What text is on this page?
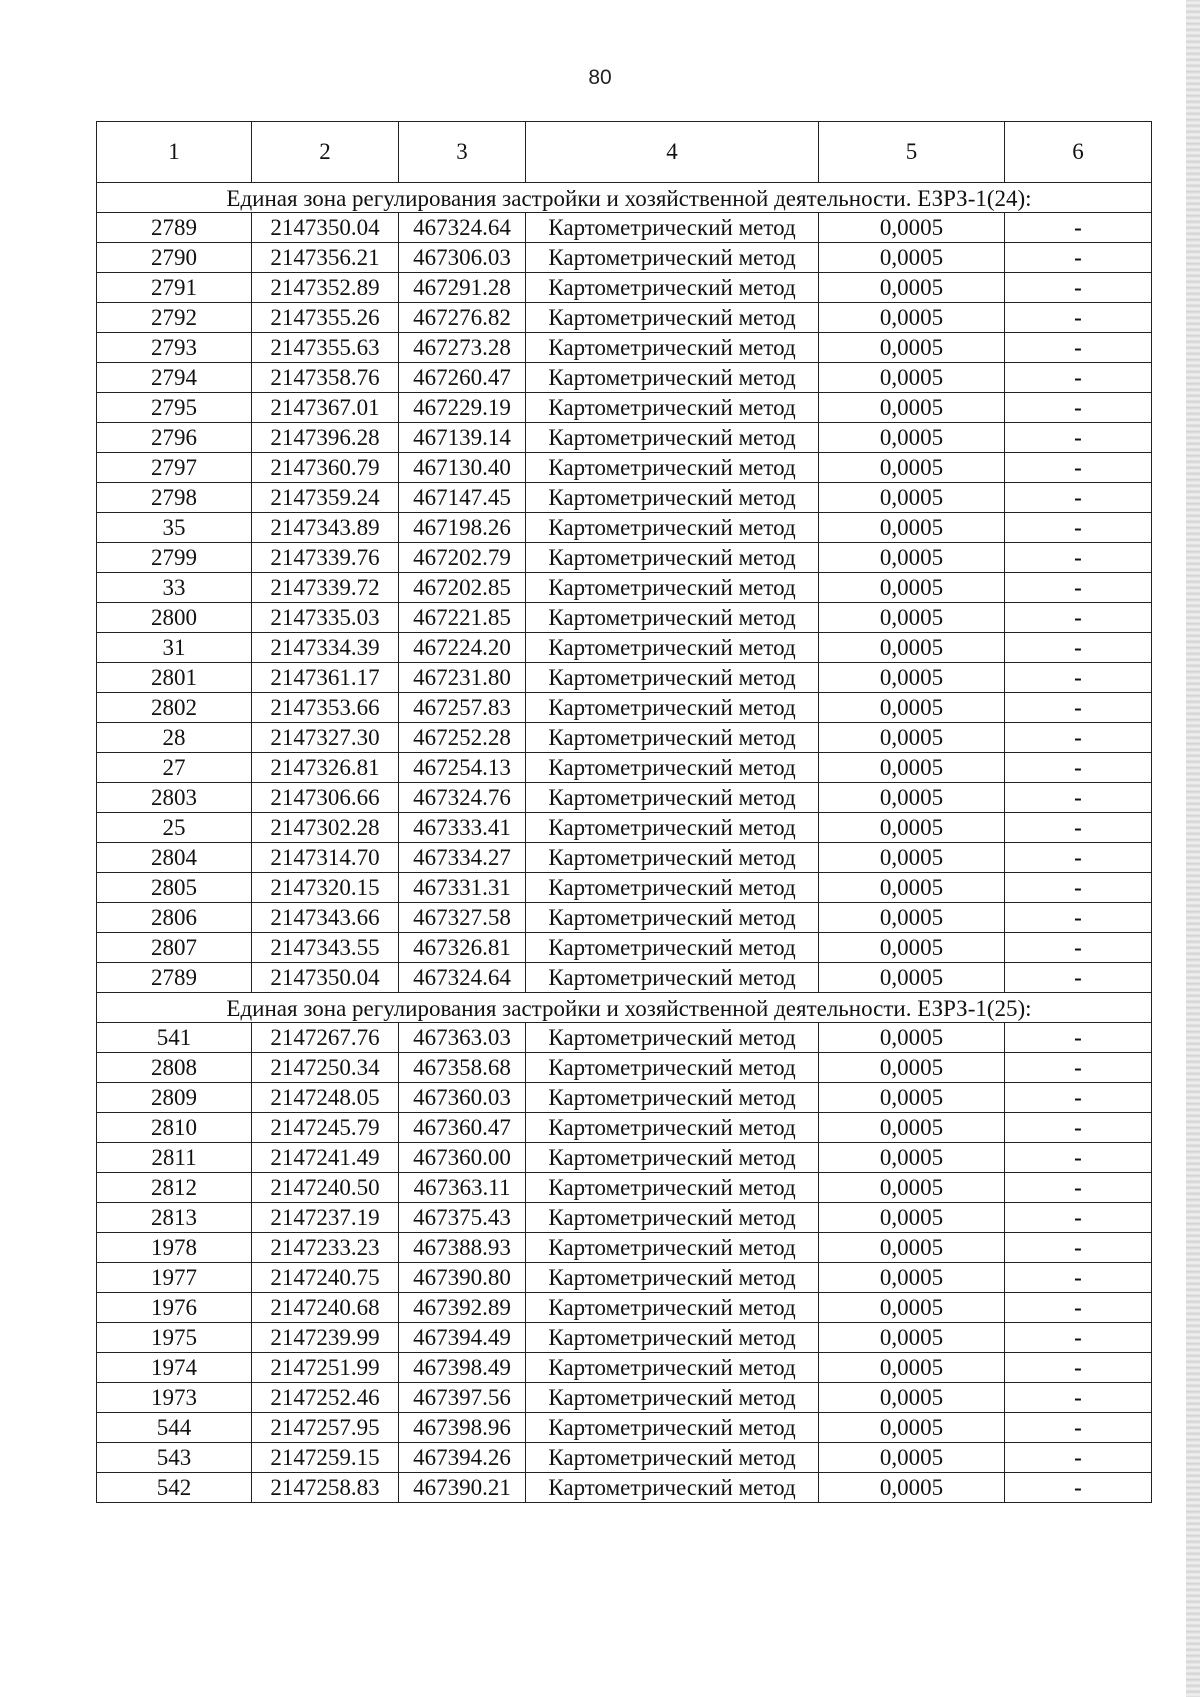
80
1	2	3	4	5	6
Единая зона регулирования застройки и хозяйственной деятельности. ЕЗРЗ-1(24):					
2789	2147350.04	467324.64	Картометрический метод	0,0005	-
2790	2147356.21	467306.03	Картометрический метод	0,0005	-
2791	2147352.89	467291.28	Картометрический метод	0,0005	-
2792	2147355.26	467276.82	Картометрический метод	0,0005	-
2793	2147355.63	467273.28	Картометрический метод	0,0005	-
2794	2147358.76	467260.47	Картометрический метод	0,0005	-
2795	2147367.01	467229.19	Картометрический метод	0,0005	-
2796	2147396.28	467139.14	Картометрический метод	0,0005	-
2797	2147360.79	467130.40	Картометрический метод	0,0005	-
2798	2147359.24	467147.45	Картометрический метод	0,0005	-
35	2147343.89	467198.26	Картометрический метод	0,0005	-
2799	2147339.76	467202.79	Картометрический метод	0,0005	-
33	2147339.72	467202.85	Картометрический метод	0,0005	-
2800	2147335.03	467221.85	Картометрический метод	0,0005	-
31	2147334.39	467224.20	Картометрический метод	0,0005	-
2801	2147361.17	467231.80	Картометрический метод	0,0005	-
2802	2147353.66	467257.83	Картометрический метод	0,0005	-
28	2147327.30	467252.28	Картометрический метод	0,0005	-
27	2147326.81	467254.13	Картометрический метод	0,0005	-
2803	2147306.66	467324.76	Картометрический метод	0,0005	-
25	2147302.28	467333.41	Картометрический метод	0,0005	-
2804	2147314.70	467334.27	Картометрический метод	0,0005	-
2805	2147320.15	467331.31	Картометрический метод	0,0005	-
2806	2147343.66	467327.58	Картометрический метод	0,0005	-
2807	2147343.55	467326.81	Картометрический метод	0,0005	-
2789	2147350.04	467324.64	Картометрический метод	0,0005	-
Единая зона регулирования застройки и хозяйственной деятельности. ЕЗРЗ-1(25):					
541	2147267.76	467363.03	Картометрический метод	0,0005	-
2808	2147250.34	467358.68	Картометрический метод	0,0005	-
2809	2147248.05	467360.03	Картометрический метод	0,0005	-
2810	2147245.79	467360.47	Картометрический метод	0,0005	-
2811	2147241.49	467360.00	Картометрический метод	0,0005	-
2812	2147240.50	467363.11	Картометрический метод	0,0005	-
2813	2147237.19	467375.43	Картометрический метод	0,0005	-
1978	2147233.23	467388.93	Картометрический метод	0,0005	-
1977	2147240.75	467390.80	Картометрический метод	0,0005	-
1976	2147240.68	467392.89	Картометрический метод	0,0005	-
1975	2147239.99	467394.49	Картометрический метод	0,0005	-
1974	2147251.99	467398.49	Картометрический метод	0,0005	-
1973	2147252.46	467397.56	Картометрический метод	0,0005	-
544	2147257.95	467398.96	Картометрический метод	0,0005	-
543	2147259.15	467394.26	Картометрический метод	0,0005	-
542	2147258.83	467390.21	Картометрический метод	0,0005	-
